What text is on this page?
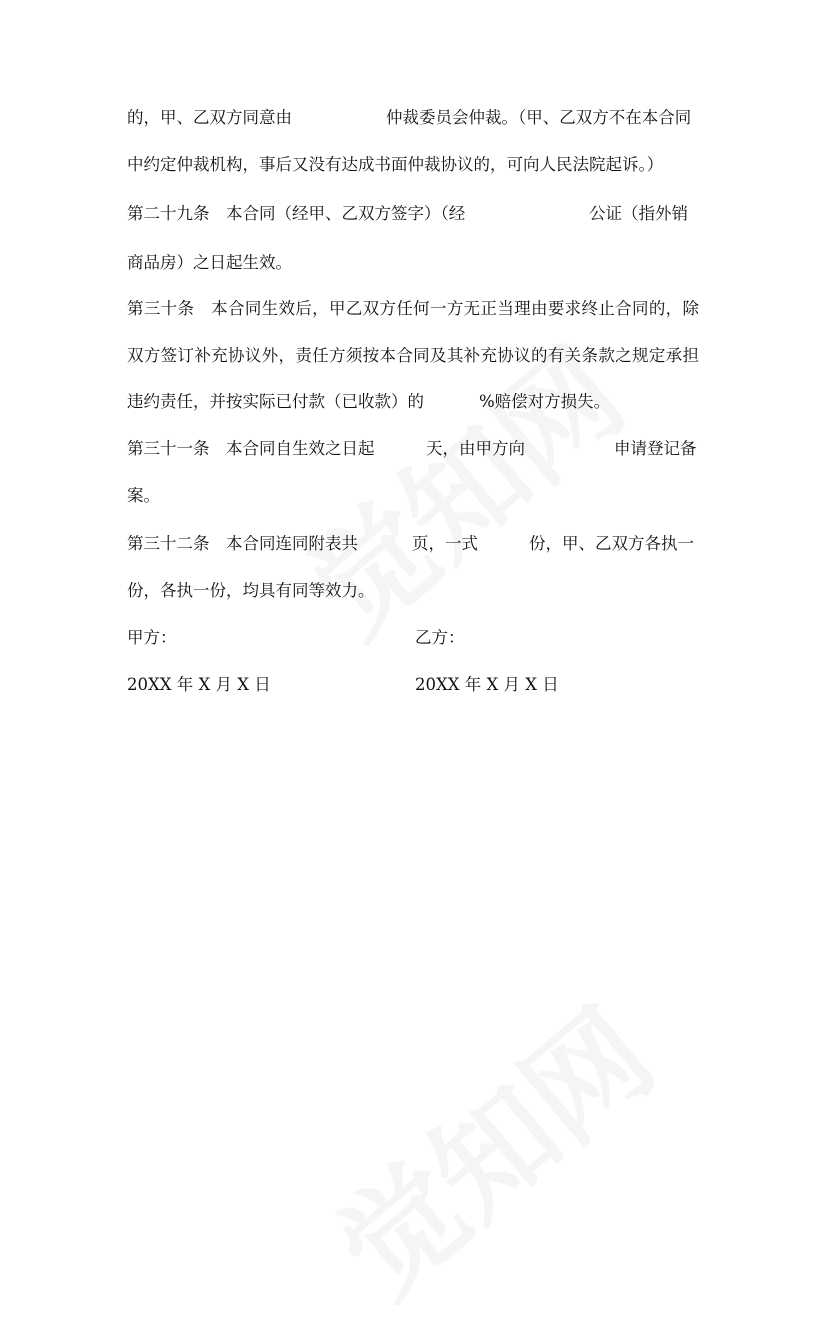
的，甲、乙双方同意由	仲裁委员会仲裁。（甲、乙双方不在本合同
中约定仲裁机构，事后又没有达成书面仲裁协议的，可向人民法院起诉。）
第二十九条　本合同（经甲、乙双方签字）（经	公证（指外销
商品房）之日起生效。
第三十条　本合同生效后，甲乙双方任何一方无正当理由要求终止合同的，除
双方签订补充协议外，责任方须按本合同及其补充协议的有关条款之规定承担
违约责任，并按实际已付款（已收款）的	%赔偿对方损失。
第三十一条　本合同自生效之日起	天，由甲方向	申请登记备
案。
第三十二条　本合同连同附表共	页，一式	份，甲、乙双方各执一
份，各执一份，均具有同等效力。
甲方：	乙方：
20XX 年 X 月 X 日	20XX 年 X 月 X 日
